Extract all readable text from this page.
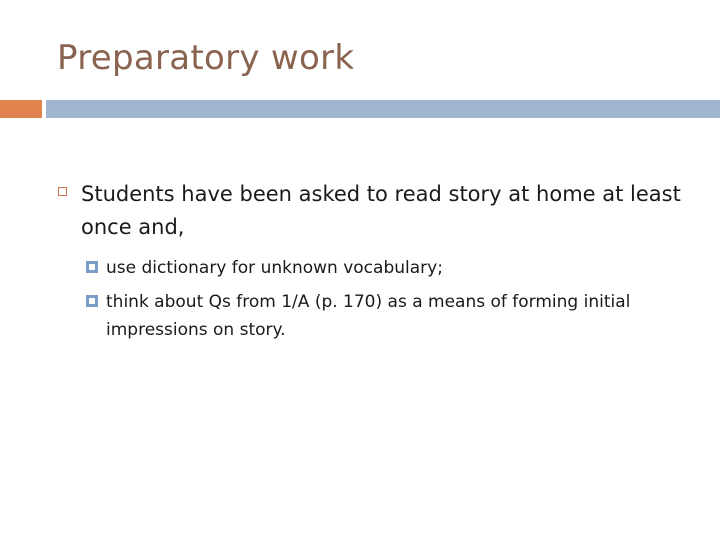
Preparatory work
Students have been asked to read story at home at least once and,
use dictionary for unknown vocabulary;
think about Qs from 1/A (p. 170) as a means of forming initial impressions on story.
